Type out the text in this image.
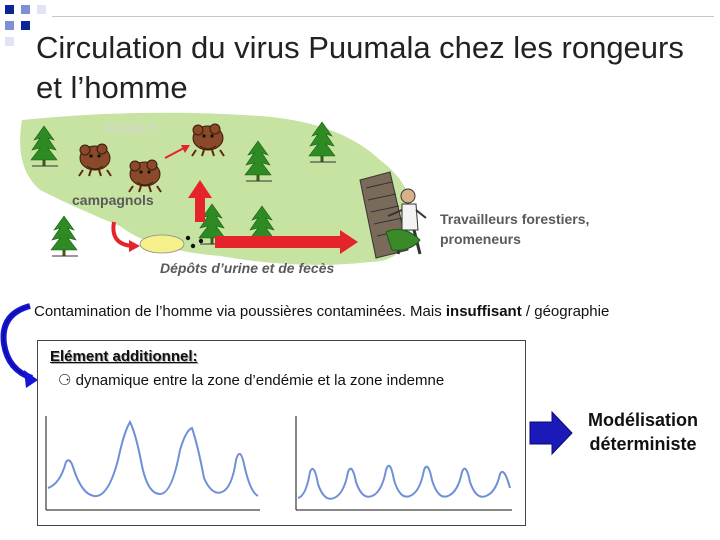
Circulation du virus Puumala chez les rongeurs et l’homme
FORET
campagnols
Travailleurs forestiers,
promeneurs
Dépôts d’urine et de fecès
Contamination de l’homme via poussières contaminées. Mais insuffisant / géographie
Elément additionnel:
⚆ dynamique entre la zone d’endémie et la zone indemne
Modélisation
déterministe
